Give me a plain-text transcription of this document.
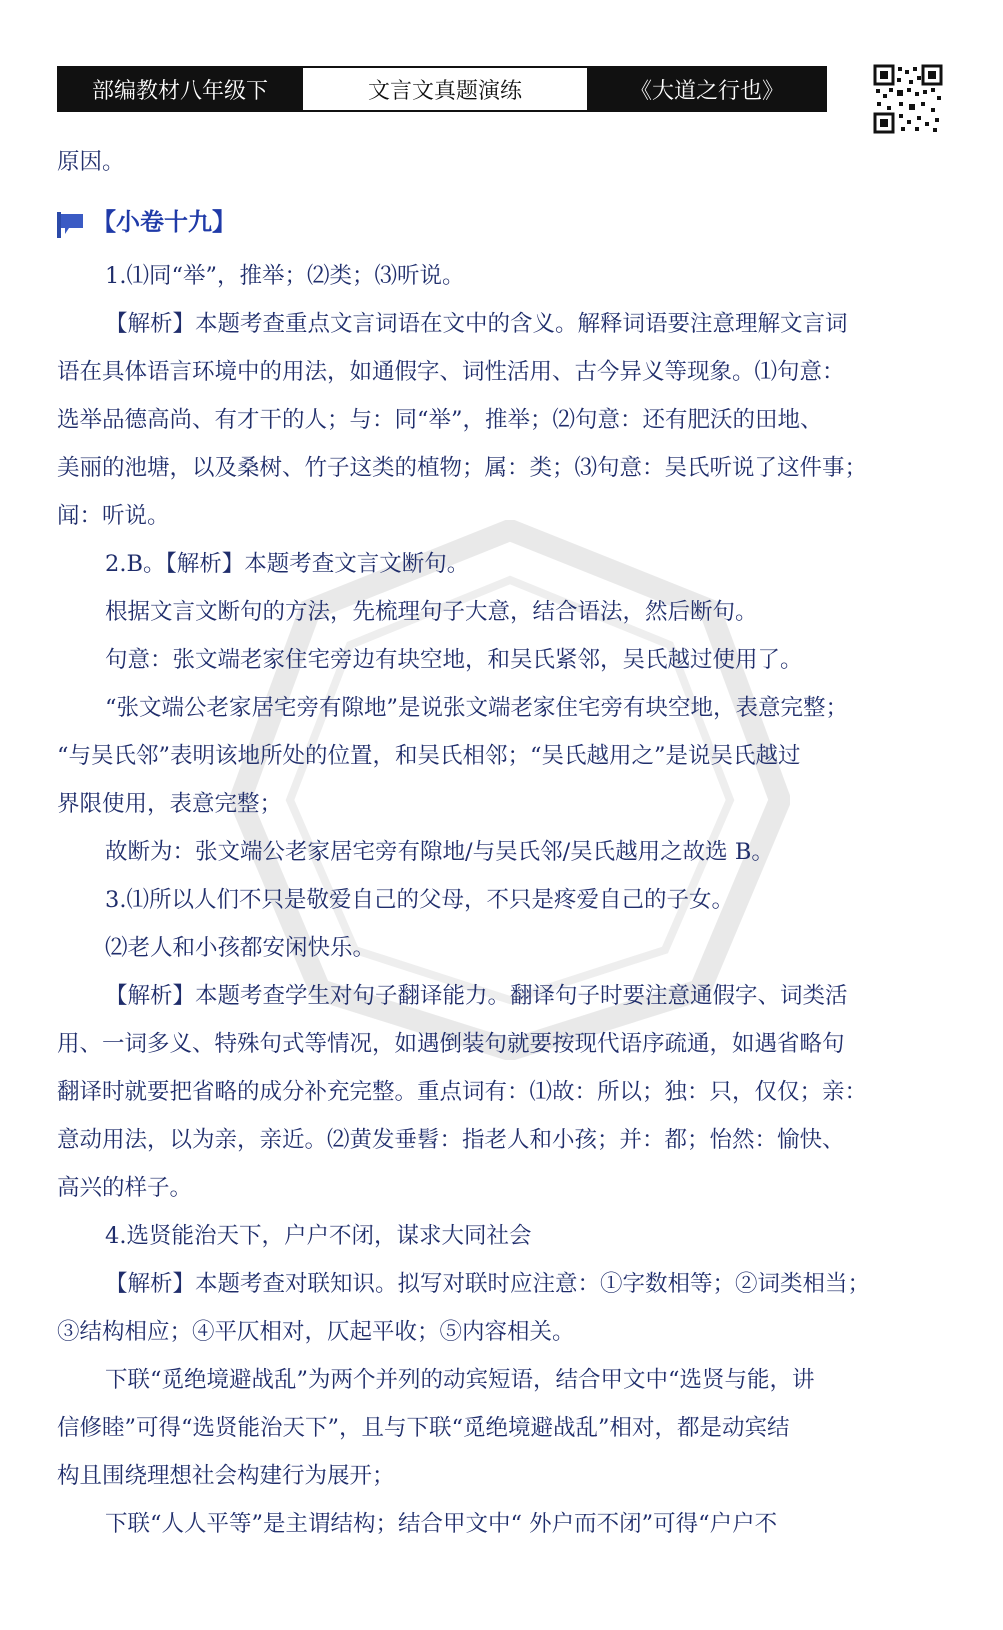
部编教材八年级下	文言文真题演练	《大道之行也》
原因。
【小卷十九】
1.⑴同“举”，推举；⑵类；⑶听说。
【解析】本题考查重点文言词语在文中的含义。解释词语要注意理解文言词
语在具体语言环境中的用法，如通假字、词性活用、古今异义等现象。⑴句意：
选举品德高尚、有才干的人；与：同“举”，推举；⑵句意：还有肥沃的田地、
美丽的池塘，以及桑树、竹子这类的植物；属：类；⑶句意：吴氏听说了这件事；
闻：听说。
2.B。【解析】本题考查文言文断句。
根据文言文断句的方法，先梳理句子大意，结合语法，然后断句。
句意：张文端老家住宅旁边有块空地，和吴氏紧邻，吴氏越过使用了。
“张文端公老家居宅旁有隙地”是说张文端老家住宅旁有块空地，表意完整；
“与吴氏邻”表明该地所处的位置，和吴氏相邻；“吴氏越用之”是说吴氏越过
界限使用，表意完整；
故断为：张文端公老家居宅旁有隙地/与吴氏邻/吴氏越用之故选 B。
3.⑴所以人们不只是敬爱自己的父母，不只是疼爱自己的子女。
⑵老人和小孩都安闲快乐。
【解析】本题考查学生对句子翻译能力。翻译句子时要注意通假字、词类活
用、一词多义、特殊句式等情况，如遇倒装句就要按现代语序疏通，如遇省略句
翻译时就要把省略的成分补充完整。重点词有：⑴故：所以；独：只，仅仅；亲：
意动用法，以为亲，亲近。⑵黄发垂髫：指老人和小孩；并：都；怡然：愉快、
高兴的样子。
4.选贤能治天下，户户不闭，谋求大同社会
【解析】本题考查对联知识。拟写对联时应注意：①字数相等；②词类相当；
③结构相应；④平仄相对，仄起平收；⑤内容相关。
下联“觅绝境避战乱”为两个并列的动宾短语，结合甲文中“选贤与能，讲
信修睦”可得“选贤能治天下”，且与下联“觅绝境避战乱”相对，都是动宾结
构且围绕理想社会构建行为展开；
下联“人人平等”是主谓结构；结合甲文中“ 外户而不闭”可得“户户不
